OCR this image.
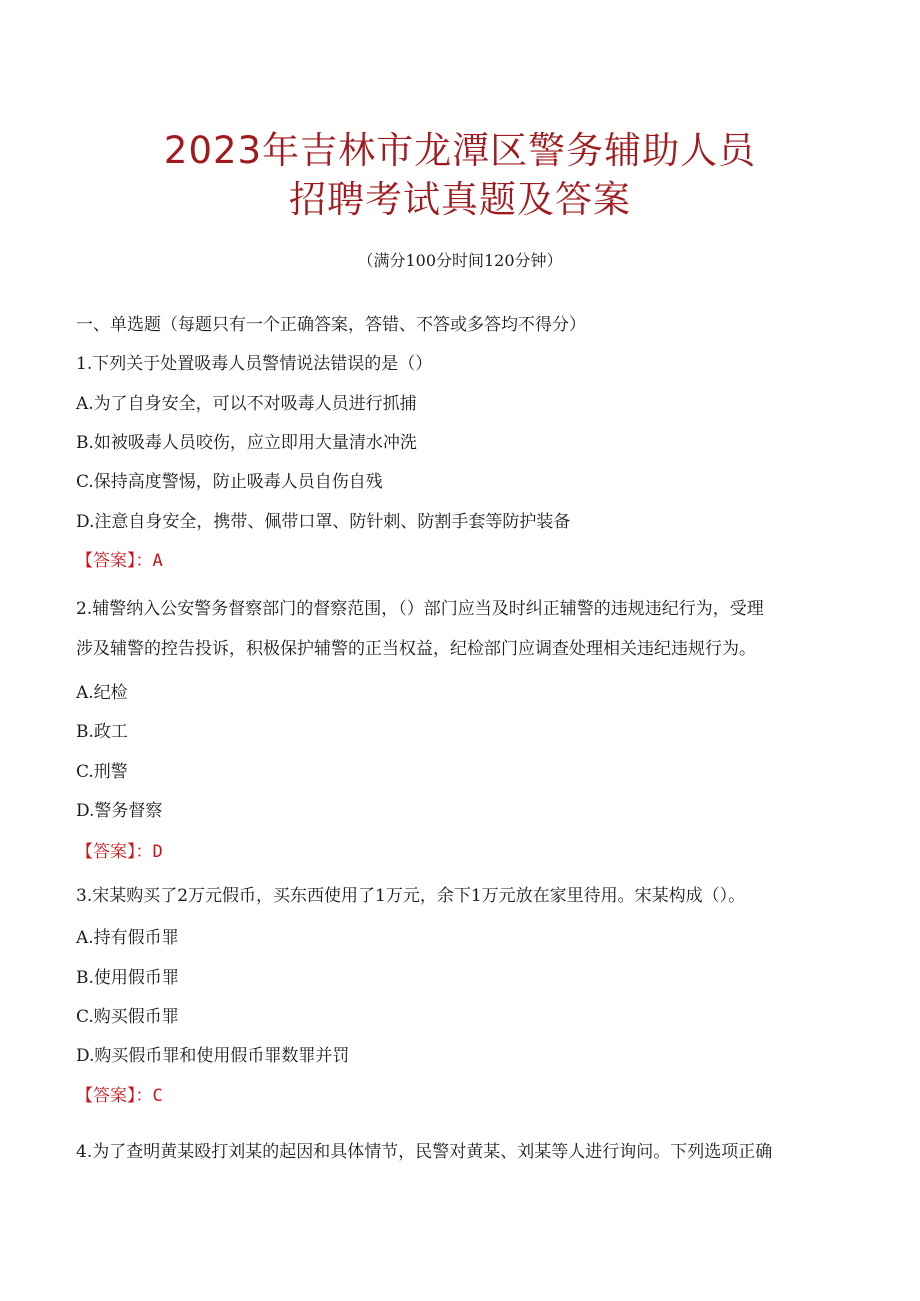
2023年吉林市龙潭区警务辅助人员
招聘考试真题及答案
（满分100分时间120分钟）
一、单选题（每题只有一个正确答案，答错、不答或多答均不得分）
1.下列关于处置吸毒人员警情说法错误的是（）
A.为了自身安全，可以不对吸毒人员进行抓捕
B.如被吸毒人员咬伤，应立即用大量清水冲洗
C.保持高度警惕，防止吸毒人员自伤自残
D.注意自身安全，携带、佩带口罩、防针刺、防割手套等防护装备
【答案】：A
2.辅警纳入公安警务督察部门的督察范围，（）部门应当及时纠正辅警的违规违纪行为，受理
涉及辅警的控告投诉，积极保护辅警的正当权益，纪检部门应调查处理相关违纪违规行为。
A.纪检
B.政工
C.刑警
D.警务督察
【答案】：D
3.宋某购买了2万元假币，买东西使用了1万元，余下1万元放在家里待用。宋某构成（）。
A.持有假币罪
B.使用假币罪
C.购买假币罪
D.购买假币罪和使用假币罪数罪并罚
【答案】：C
4.为了查明黄某殴打刘某的起因和具体情节，民警对黄某、刘某等人进行询问。下列选项正确
